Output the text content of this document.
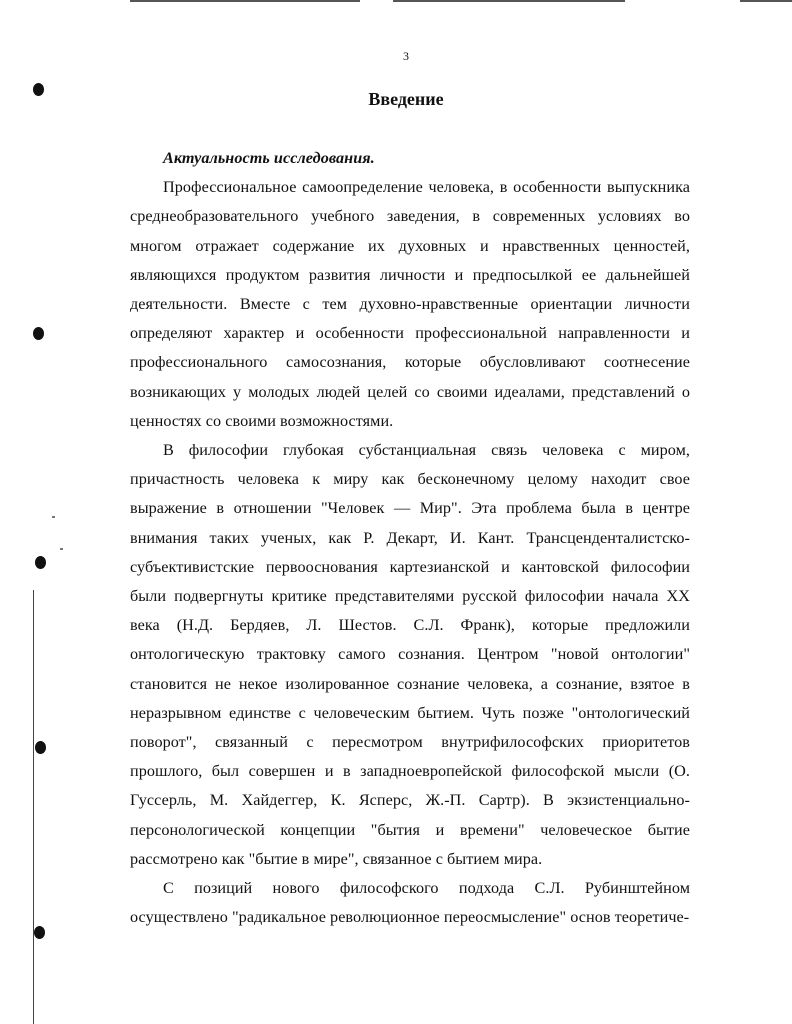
3
Введение

Актуальность исследования.

Профессиональное самоопределение человека, в особенности выпускника среднеобразовательного учебного заведения, в современных условиях во многом отражает содержание их духовных и нравственных ценностей, являющихся продуктом развития личности и предпосылкой ее дальнейшей деятельности. Вместе с тем духовно-нравственные ориентации личности определяют характер и особенности профессиональной направленности и профессионального самосознания, которые обусловливают соотнесение возникающих у молодых людей целей со своими идеалами, представлений о ценностях со своими возможностями.

В философии глубокая субстанциальная связь человека с миром, причастность человека к миру как бесконечному целому находит свое выражение в отношении "Человек — Мир". Эта проблема была в центре внимания таких ученых, как Р. Декарт, И. Кант. Трансценденталистско-субъективистские первооснования картезианской и кантовской философии были подвергнуты критике представителями русской философии начала XX века (Н.Д. Бердяев, Л. Шестов. С.Л. Франк), которые предложили онтологическую трактовку самого сознания. Центром "новой онтологии" становится не некое изолированное сознание человека, а сознание, взятое в неразрывном единстве с человеческим бытием. Чуть позже "онтологический поворот", связанный с пересмотром внутрифилософских приоритетов прошлого, был совершен и в западноевропейской философской мысли (О. Гуссерль, М. Хайдеггер, К. Ясперс, Ж.-П. Сартр). В экзистенциально-персонологической концепции "бытия и времени" человеческое бытие рассмотрено как "бытие в мире", связанное с бытием мира.

С позиций нового философского подхода С.Л. Рубинштейном осуществлено "радикальное революционное переосмысление" основ теоретиче-
